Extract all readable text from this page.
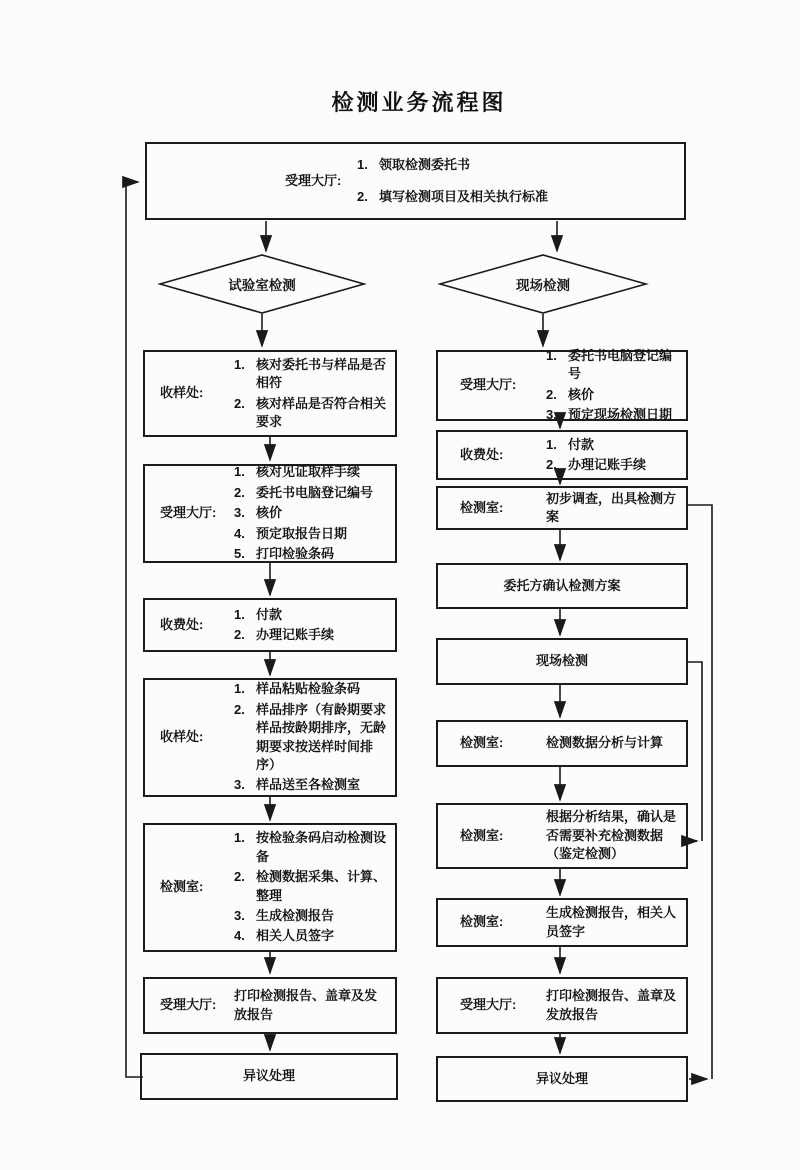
检测业务流程图
受理大厅:
1. 领取检测委托书
2. 填写检测项目及相关执行标准
试验室检测	现场检测
收样处:
1. 核对委托书与样品是否相符
2. 核对样品是否符合相关要求
受理大厅:
1. 核对见证取样手续
2. 委托书电脑登记编号
3. 核价
4. 预定取报告日期
5. 打印检验条码
收费处:
1. 付款
2. 办理记账手续
收样处:
1. 样品粘贴检验条码
2. 样品排序（有龄期要求样品按龄期排序，无龄期要求按送样时间排序）
3. 样品送至各检测室
检测室:
1. 按检验条码启动检测设备
2. 检测数据采集、计算、整理
3. 生成检测报告
4. 相关人员签字
受理大厅:
打印检测报告、盖章及发放报告
异议处理
受理大厅:
1. 委托书电脑登记编号
2. 核价
3. 预定现场检测日期
收费处:
1. 付款
2. 办理记账手续
检测室:
初步调查，出具检测方案
委托方确认检测方案
现场检测
检测室:	检测数据分析与计算
检测室:
根据分析结果，确认是否需要补充检测数据（鉴定检测）
检测室:
生成检测报告，相关人员签字
受理大厅:
打印检测报告、盖章及发放报告
异议处理
